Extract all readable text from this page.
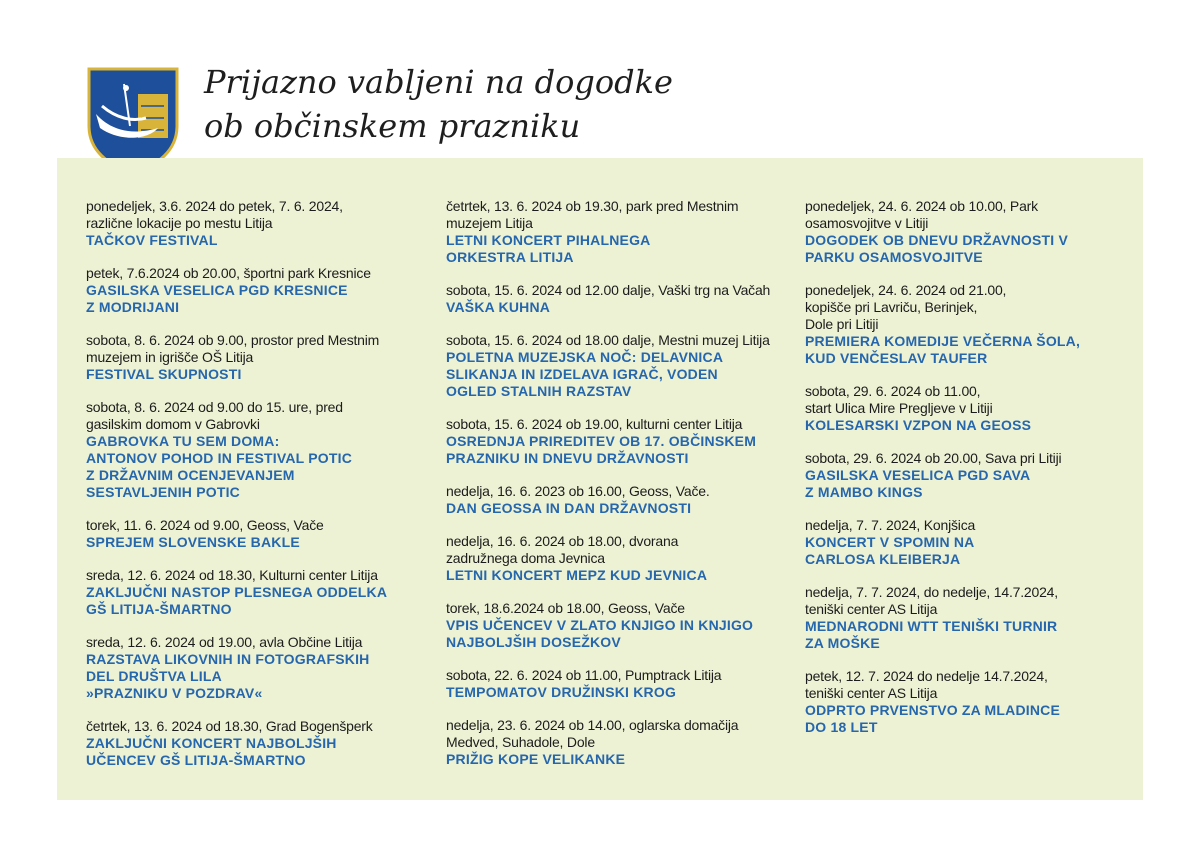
Prijazno vabljeni na dogodke
ob občinskem prazniku
ponedeljek, 3.6. 2024 do petek, 7. 6. 2024,
različne lokacije po mestu Litija
TAČKOV FESTIVAL
petek, 7.6.2024 ob 20.00, športni park Kresnice
GASILSKA VESELICA PGD KRESNICE
Z MODRIJANI
sobota, 8. 6. 2024 ob 9.00, prostor pred Mestnim
muzejem in igrišče OŠ Litija
FESTIVAL SKUPNOSTI
sobota, 8. 6. 2024 od 9.00 do 15. ure, pred
gasilskim domom v Gabrovki
GABROVKA TU SEM DOMA:
ANTONOV POHOD IN FESTIVAL POTIC
Z DRŽAVNIM OCENJEVANJEM
SESTAVLJENIH POTIC
torek, 11. 6. 2024 od 9.00, Geoss, Vače
SPREJEM SLOVENSKE BAKLE
sreda, 12. 6. 2024 od 18.30, Kulturni center Litija
ZAKLJUČNI NASTOP PLESNEGA ODDELKA
GŠ LITIJA-ŠMARTNO
sreda, 12. 6. 2024 od 19.00, avla Občine Litija
RAZSTAVA LIKOVNIH IN FOTOGRAFSKIH
DEL DRUŠTVA LILA
»PRAZNIKU V POZDRAV«
četrtek, 13. 6. 2024 od 18.30, Grad Bogenšperk
ZAKLJUČNI KONCERT NAJBOLJŠIH
UČENCEV GŠ LITIJA-ŠMARTNO
četrtek, 13. 6. 2024 ob 19.30, park pred Mestnim
muzejem Litija
LETNI KONCERT PIHALNEGA
ORKESTRA LITIJA
sobota, 15. 6. 2024 od 12.00 dalje, Vaški trg na Vačah
VAŠKA KUHNA
sobota, 15. 6. 2024 od 18.00 dalje, Mestni muzej Litija
POLETNA MUZEJSKA NOČ: DELAVNICA
SLIKANJA IN IZDELAVA IGRAČ, VODEN
OGLED STALNIH RAZSTAV
sobota, 15. 6. 2024 ob 19.00, kulturni center Litija
OSREDNJA PRIREDITEV OB 17. OBČINSKEM
PRAZNIKU IN DNEVU DRŽAVNOSTI
nedelja, 16. 6. 2023 ob 16.00, Geoss, Vače.
DAN GEOSSA IN DAN DRŽAVNOSTI
nedelja, 16. 6. 2024 ob 18.00, dvorana
zadružnega doma Jevnica
LETNI KONCERT MEPZ KUD JEVNICA
torek, 18.6.2024 ob 18.00, Geoss, Vače
VPIS UČENCEV V ZLATO KNJIGO IN KNJIGO
NAJBOLJŠIH DOSEŽKOV
sobota, 22. 6. 2024 ob 11.00, Pumptrack Litija
TEMPOMATOV DRUŽINSKI KROG
nedelja, 23. 6. 2024 ob 14.00, oglarska domačija
Medved, Suhadole, Dole
PRIŽIG KOPE VELIKANKE
ponedeljek, 24. 6. 2024 ob 10.00, Park
osamosvojitve v Litiji
DOGODEK OB DNEVU DRŽAVNOSTI V
PARKU OSAMOSVOJITVE
ponedeljek, 24. 6. 2024 od 21.00,
kopišče pri Lavriču, Berinjek,
Dole pri Litiji
PREMIERA KOMEDIJE VEČERNA ŠOLA,
KUD VENČESLAV TAUFER
sobota, 29. 6. 2024 ob 11.00,
start Ulica Mire Pregljeve v Litiji
KOLESARSKI VZPON NA GEOSS
sobota, 29. 6. 2024 ob 20.00, Sava pri Litiji
GASILSKA VESELICA PGD SAVA
Z MAMBO KINGS
nedelja, 7. 7. 2024, Konjšica
KONCERT V SPOMIN NA
CARLOSA KLEIBERJA
nedelja, 7. 7. 2024, do nedelje, 14.7.2024,
teniški center AS Litija
MEDNARODNI WTT TENIŠKI TURNIR
ZA MOŠKE
petek, 12. 7. 2024 do nedelje 14.7.2024,
teniški center AS Litija
ODPRTO PRVENSTVO ZA MLADINCE
DO 18 LET
